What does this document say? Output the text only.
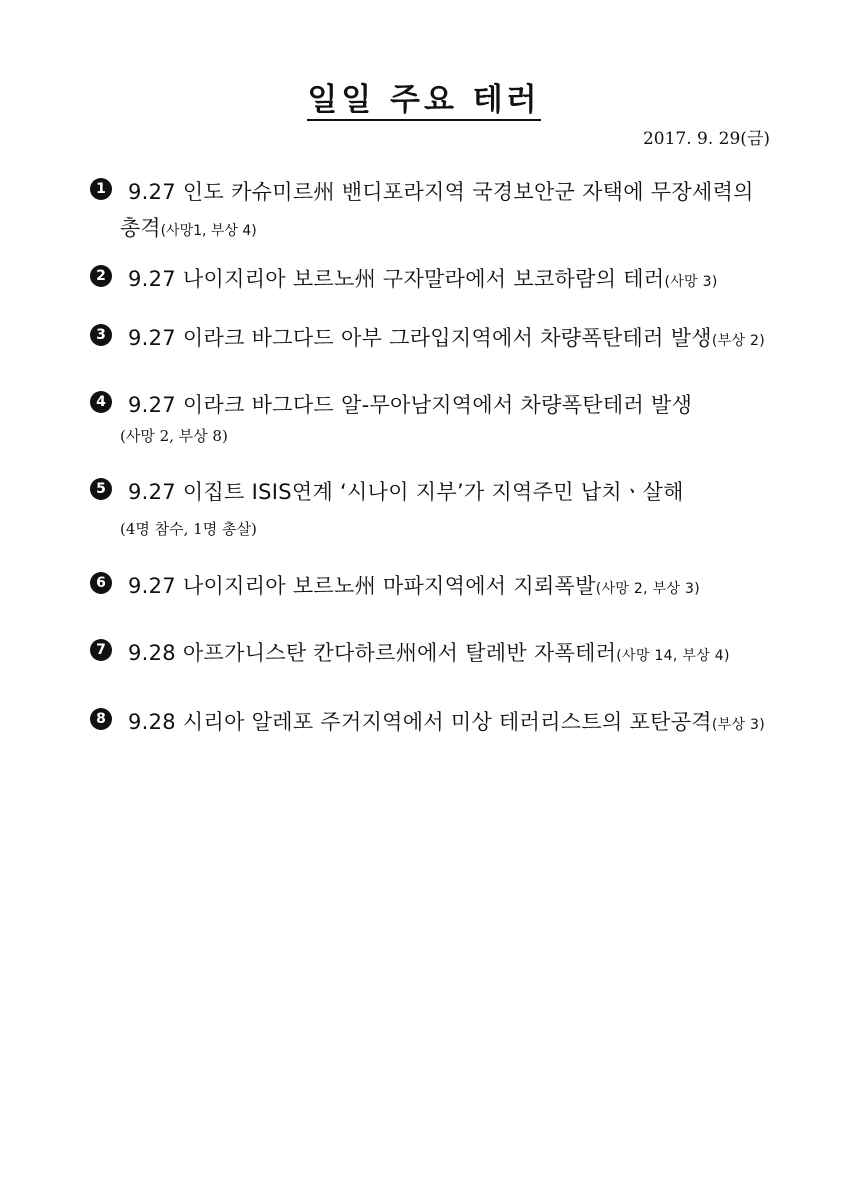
일일 주요 테러
2017. 9. 29(금)
1 9.27 인도 카슈미르州 밴디포라지역 국경보안군 자택에 무장세력의
총격(사망1, 부상 4)
2 9.27 나이지리아 보르노州 구자말라에서 보코하람의 테러(사망 3)
3 9.27 이라크 바그다드 아부 그라입지역에서 차량폭탄테러 발생(부상 2)
4 9.27 이라크 바그다드 알-무아남지역에서 차량폭탄테러 발생
(사망 2, 부상 8)
5 9.27 이집트 ISIS연계 ‘시나이 지부’가 지역주민 납치ㆍ살해
(4명 참수, 1명 총살)
6 9.27 나이지리아 보르노州 마파지역에서 지뢰폭발(사망 2, 부상 3)
7 9.28 아프가니스탄 칸다하르州에서 탈레반 자폭테러(사망 14, 부상 4)
8 9.28 시리아 알레포 주거지역에서 미상 테러리스트의 포탄공격(부상 3)
